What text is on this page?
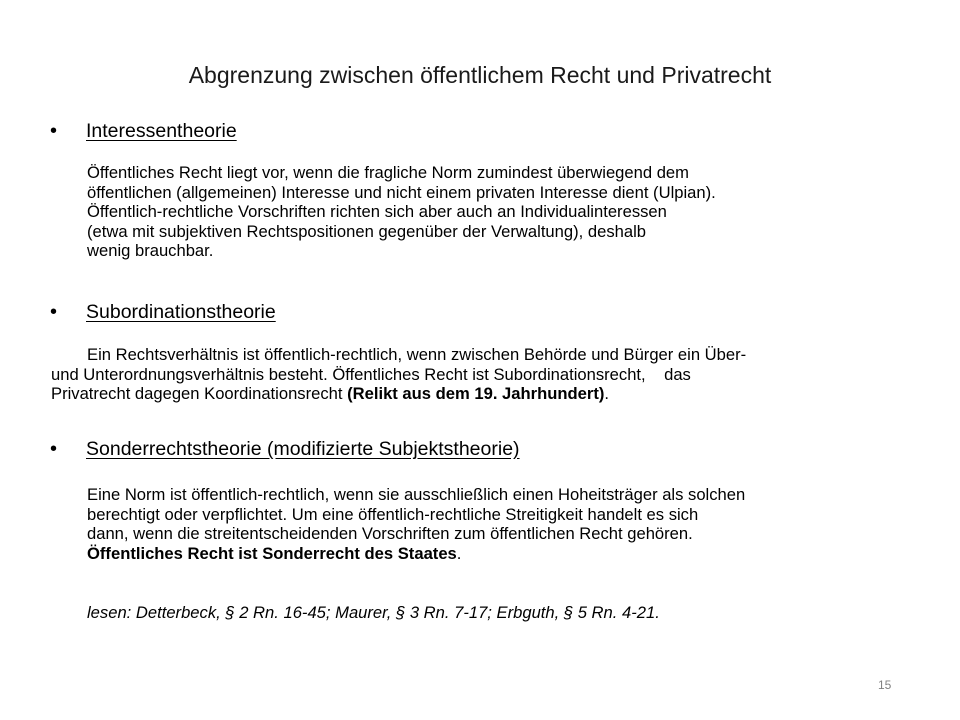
Abgrenzung zwischen öffentlichem Recht und Privatrecht
•	Interessentheorie
Öffentliches Recht liegt vor, wenn die fragliche Norm zumindest überwiegend dem
öffentlichen (allgemeinen) Interesse und nicht einem privaten Interesse dient (Ulpian).
Öffentlich-rechtliche Vorschriften richten sich aber auch an Individualinteressen
(etwa mit subjektiven Rechtspositionen gegenüber der Verwaltung), deshalb
wenig brauchbar.
•	Subordinationstheorie
Ein Rechtsverhältnis ist öffentlich-rechtlich, wenn zwischen Behörde und Bürger ein Über-
und Unterordnungsverhältnis besteht. Öffentliches Recht ist Subordinationsrecht,    das
Privatrecht dagegen Koordinationsrecht (Relikt aus dem 19. Jahrhundert).
•	Sonderrechtstheorie (modifizierte Subjektstheorie)
Eine Norm ist öffentlich-rechtlich, wenn sie ausschließlich einen Hoheitsträger als solchen
berechtigt oder verpflichtet. Um eine öffentlich-rechtliche Streitigkeit handelt es sich
dann, wenn die streitentscheidenden Vorschriften zum öffentlichen Recht gehören.
Öffentliches Recht ist Sonderrecht des Staates.
lesen: Detterbeck, § 2 Rn. 16-45; Maurer, § 3 Rn. 7-17; Erbguth, § 5 Rn. 4-21.
15
